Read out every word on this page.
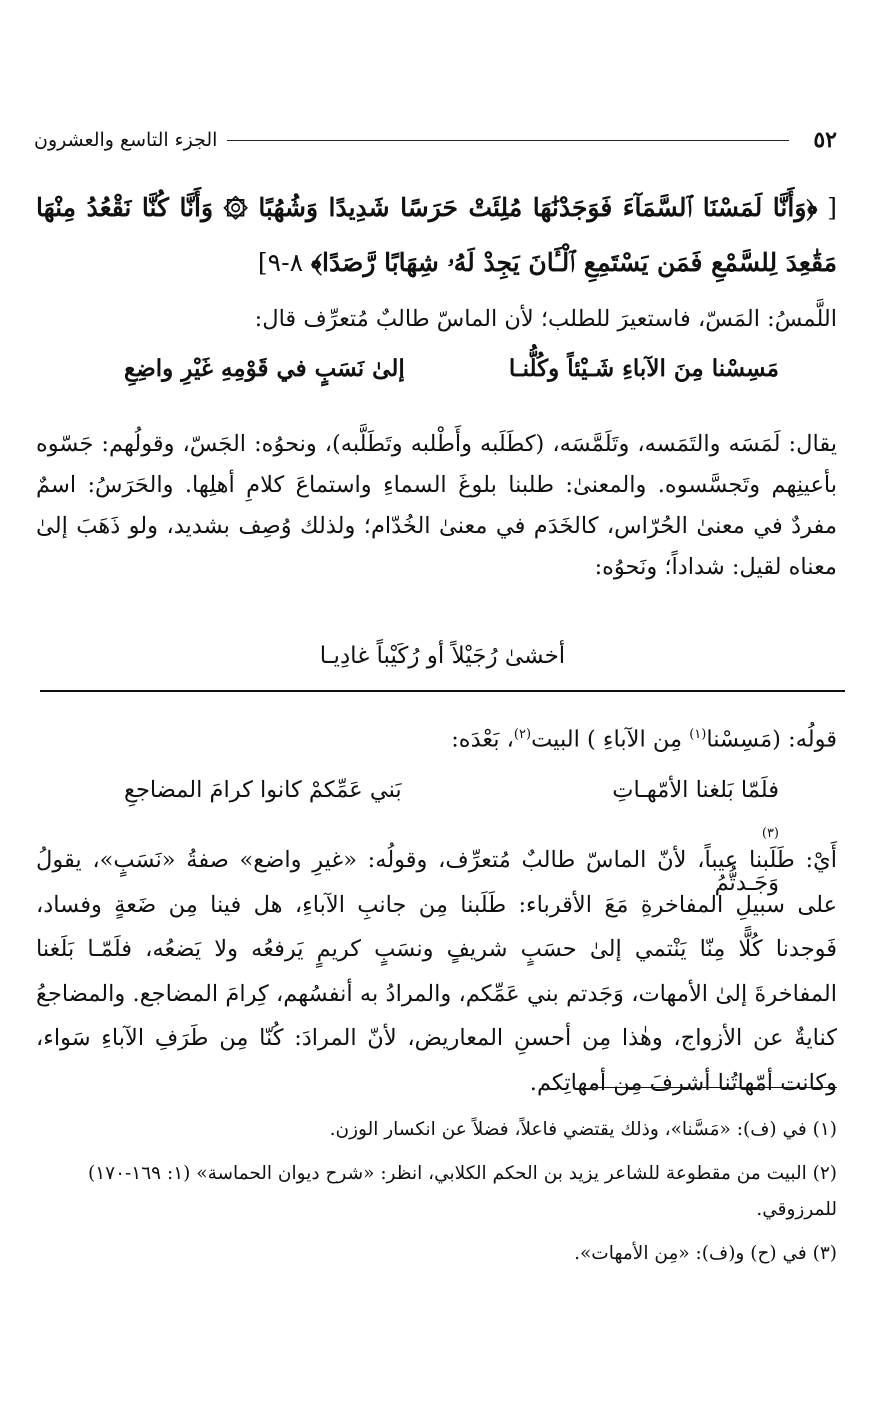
٥٢
الجزء التاسع والعشرون

[ ﴿وَأَنَّا لَمَسْنَا ٱلسَّمَآءَ فَوَجَدْنَٰهَا مُلِئَتْ حَرَسًا شَدِيدًا وَشُهُبًا ۞ وَأَنَّا كُنَّا نَقْعُدُ مِنْهَا مَقَٰعِدَ لِلسَّمْعِ فَمَن يَسْتَمِعِ ٱلْـَٔانَ يَجِدْ لَهُۥ شِهَابًا رَّصَدًا﴾ ٨-٩]

اللَّمسُ: المَسّ، فاستعيرَ للطلب؛ لأن الماسّ طالبٌ مُتعرِّف قال:

مَسِسْنا مِنَ الآباءِ شَـيْئاً وكُلُّنـا
إلىٰ نَسَبٍ في قَوْمِهِ غَيْرِ واضِعِ

يقال: لَمَسَه والتَمَسه، وتَلَمَّسَه، (كطَلَبه وأَطْلبه وتَطَلَّبه)، ونحوُه: الجَسّ، وقولُهم: جَسّوه بأعينِهم وتَجسَّسوه. والمعنىٰ: طلبنا بلوغَ السماءِ واستماعَ كلامِ أهلِها. والحَرَسُ: اسمٌ مفردٌ في معنىٰ الحُرّاس، كالخَدَم في معنىٰ الخُدّام؛ ولذلك وُصِف بشديد، ولو ذَهَبَ إلىٰ معناه لقيل: شداداً؛ ونَحوُه:

أخشىٰ رُجَيْلاً أو رُكَيْباً غادِيـا

قولُه: (مَسِسْنا$^{(١)}$ مِن الآباءِ ) البيت$^{(٢)}$، بَعْدَه:

فلَمّا بَلغنا الأمّهـاتِ
$^{(٣)}$
وَجَـدتُّمُ
بَني عَمِّكمْ كانوا كرامَ المضاجعِ

أَيْ: طَلَبنا عيباً، لأنّ الماسّ طالبٌ مُتعرِّف، وقولُه: «غيرِ واضع» صفةُ «نَسَبٍ»، يقولُ على سبيلِ المفاخرةِ مَعَ الأقرباء: طَلَبنا مِن جانبِ الآباءِ، هل فينا مِن ضَعةٍ وفساد، فَوجدنا كُلًّا مِنّا يَنْتمي إلىٰ حسَبٍ شريفٍ ونسَبٍ كريمٍ يَرفعُه ولا يَضعُه، فلَمّـا بَلَغنا المفاخرةَ إلىٰ الأمهات، وَجَدتم بني عَمِّكم، والمرادُ به أنفسُهم، كِرامَ المضاجع. والمضاجعُ كنايةٌ عن الأزواج، وهٰذا مِن أحسنِ المعاريض، لأنّ المرادَ: كُنّا مِن طَرَفِ الآباءِ سَواء، وكانت أمّهاتُنا أشرفَ مِن أمهاتِكم.

(١) في (ف): «مَسَّنا»، وذلك يقتضي فاعلاً، فضلاً عن انكسار الوزن.
(٢) البيت من مقطوعة للشاعر يزيد بن الحكم الكلابي، انظر: «شرح ديوان الحماسة» (١: ١٦٩-١٧٠) للمرزوقي.
(٣) في (ح) و(ف): «مِن الأمهات».
